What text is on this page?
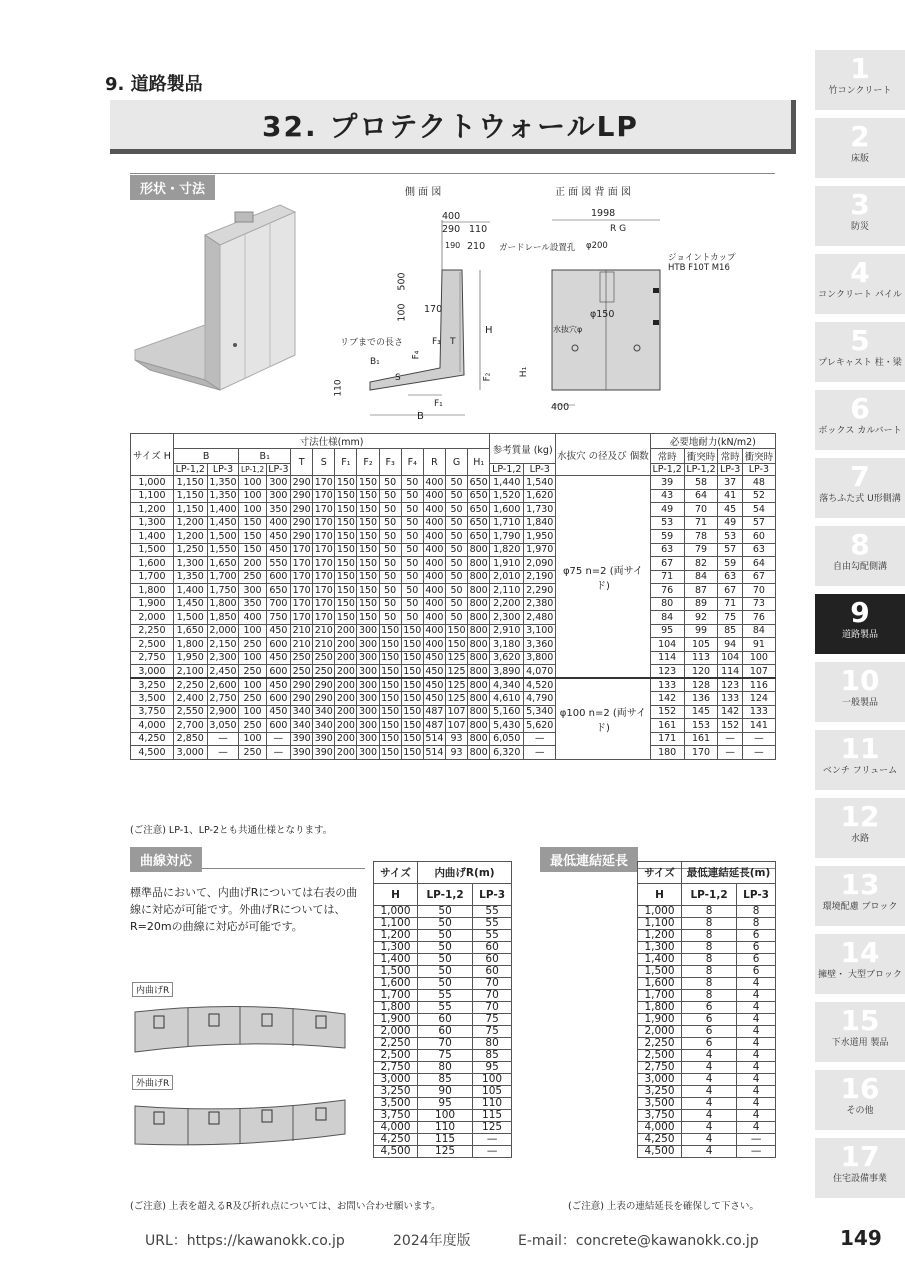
9. 道路製品
32. プロテクトウォールLP
形状・寸法	側 面 図
400
290 110
190 210
500
100 170
H
リブまでの長さ	F₃ T
F₄
B₁
S	F₂
110
F₁
B
正 面 図 背 面 図
1998
R G
ガードレール設置孔 φ200
ジョイントカップ
HTB F10T M16
φ150
水抜穴φ
H₁
400
サイズ H	寸法仕様(mm)													参考質量 (kg)		水抜穴 の径及び 個数	必要地耐力(kN/m2)			
	B		B₁		T	S	F₁	F₂	F₃	F₄	R	G	H₁				常時	衝突時	常時	衝突時
	LP-1,2	LP-3	LP-1,2	LP-3										LP-1,2	LP-3		LP-1,2	LP-1,2	LP-3	LP-3
1,000	1,150	1,350	100	300	290	170	150	150	50	50	400	50	650	1,440	1,540	φ75 n=2 (両サイド)	39	58	37	48
1,100	1,150	1,350	100	300	290	170	150	150	50	50	400	50	650	1,520	1,620		43	64	41	52
1,200	1,150	1,400	100	350	290	170	150	150	50	50	400	50	650	1,600	1,730		49	70	45	54
1,300	1,200	1,450	150	400	290	170	150	150	50	50	400	50	650	1,710	1,840		53	71	49	57
1,400	1,200	1,500	150	450	290	170	150	150	50	50	400	50	650	1,790	1,950		59	78	53	60
1,500	1,250	1,550	150	450	170	170	150	150	50	50	400	50	800	1,820	1,970		63	79	57	63
1,600	1,300	1,650	200	550	170	170	150	150	50	50	400	50	800	1,910	2,090		67	82	59	64
1,700	1,350	1,700	250	600	170	170	150	150	50	50	400	50	800	2,010	2,190		71	84	63	67
1,800	1,400	1,750	300	650	170	170	150	150	50	50	400	50	800	2,110	2,290		76	87	67	70
1,900	1,450	1,800	350	700	170	170	150	150	50	50	400	50	800	2,200	2,380		80	89	71	73
2,000	1,500	1,850	400	750	170	170	150	150	50	50	400	50	800	2,300	2,480		84	92	75	76
2,250	1,650	2,000	100	450	210	210	200	300	150	150	400	150	800	2,910	3,100		95	99	85	84
2,500	1,800	2,150	250	600	210	210	200	300	150	150	400	150	800	3,180	3,360		104	105	94	91
2,750	1,950	2,300	100	450	250	250	200	300	150	150	450	125	800	3,620	3,800		114	113	104	100
3,000	2,100	2,450	250	600	250	250	200	300	150	150	450	125	800	3,890	4,070		123	120	114	107
3,250	2,250	2,600	100	450	290	290	200	300	150	150	450	125	800	4,340	4,520	φ100 n=2 (両サイド)	133	128	123	116
3,500	2,400	2,750	250	600	290	290	200	300	150	150	450	125	800	4,610	4,790		142	136	133	124
3,750	2,550	2,900	100	450	340	340	200	300	150	150	487	107	800	5,160	5,340		152	145	142	133
4,000	2,700	3,050	250	600	340	340	200	300	150	150	487	107	800	5,430	5,620		161	153	152	141
4,250	2,850	—	100	—	390	390	200	300	150	150	514	93	800	6,050	—		171	161	—	—
4,500	3,000	—	250	—	390	390	200	300	150	150	514	93	800	6,320	—		180	170	—	—
(ご注意) LP-1、LP-2とも共通仕様となります。
曲線対応
標準品において、内曲げRについては右表の曲線に対応が可能です。外曲げRについては、R=20mの曲線に対応が可能です。
内曲げR
外曲げR
サイズ	内曲げR(m)	
H	LP-1,2	LP-3
1,000	50	55
1,100	50	55
1,200	50	55
1,300	50	60
1,400	50	60
1,500	50	60
1,600	50	70
1,700	55	70
1,800	55	70
1,900	60	75
2,000	60	75
2,250	70	80
2,500	75	85
2,750	80	95
3,000	85	100
3,250	90	105
3,500	95	110
3,750	100	115
4,000	110	125
4,250	115	—
4,500	125	—
(ご注意) 上表を超えるR及び折れ点については、お問い合わせ願います。
最低連結延長
サイズ	最低連結延長(m)	
H	LP-1,2	LP-3
1,000	8	8
1,100	8	8
1,200	8	6
1,300	8	6
1,400	8	6
1,500	8	6
1,600	8	4
1,700	8	4
1,800	6	4
1,900	6	4
2,000	6	4
2,250	6	4
2,500	4	4
2,750	4	4
3,000	4	4
3,250	4	4
3,500	4	4
3,750	4	4
4,000	4	4
4,250	4	—
4,500	4	—
(ご注意) 上表の連結延長を確保して下さい。
1
竹コンクリート
2
床版
3
防災
4
コンクリート パイル
5
プレキャスト 柱・梁
6
ボックス カルバート
7
落ちふた式 U形側溝
8
自由勾配側溝
9
道路製品
10
一般製品
11
ベンチ フリューム
12
水路
13
環境配慮 ブロック
14
擁壁・ 大型ブロック
15
下水道用 製品
16
その他
17
住宅設備事業
URL：https://kawanokk.co.jp	2024年度版	E-mail：concrete@kawanokk.co.jp	149
